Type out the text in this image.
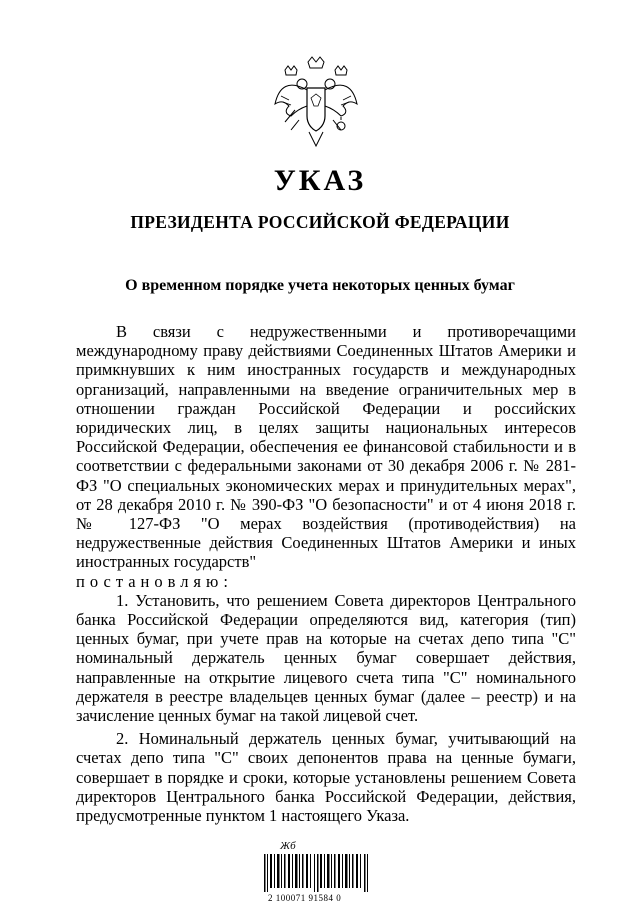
УКАЗ
ПРЕЗИДЕНТА РОССИЙСКОЙ ФЕДЕРАЦИИ
О временном порядке учета некоторых ценных бумаг

В связи с недружественными и противоречащими международному праву действиями Соединенных Штатов Америки и примкнувших к ним иностранных государств и международных организаций, направленными на введение ограничительных мер в отношении граждан Российской Федерации и российских юридических лиц, в целях защиты национальных интересов Российской Федерации, обеспечения ее финансовой стабильности и в соответствии с федеральными законами от 30 декабря 2006 г. № 281-ФЗ "О специальных экономических мерах и принудительных мерах", от 28 декабря 2010 г. № 390-ФЗ "О безопасности" и от 4 июня 2018 г. № 127-ФЗ "О мерах воздействия (противодействия) на недружественные действия Соединенных Штатов Америки и иных иностранных государств"

постановляю:

1. Установить, что решением Совета директоров Центрального банка Российской Федерации определяются вид, категория (тип) ценных бумаг, при учете прав на которые на счетах депо типа "С" номинальный держатель ценных бумаг совершает действия, направленные на открытие лицевого счета типа "С" номинального держателя в реестре владельцев ценных бумаг (далее – реестр) и на зачисление ценных бумаг на такой лицевой счет.

2. Номинальный держатель ценных бумаг, учитывающий на счетах депо типа "С" своих депонентов права на ценные бумаги, совершает в порядке и сроки, которые установлены решением Совета директоров Центрального банка Российской Федерации, действия, предусмотренные пунктом 1 настоящего Указа.

Жб
2 100071 91584 0
